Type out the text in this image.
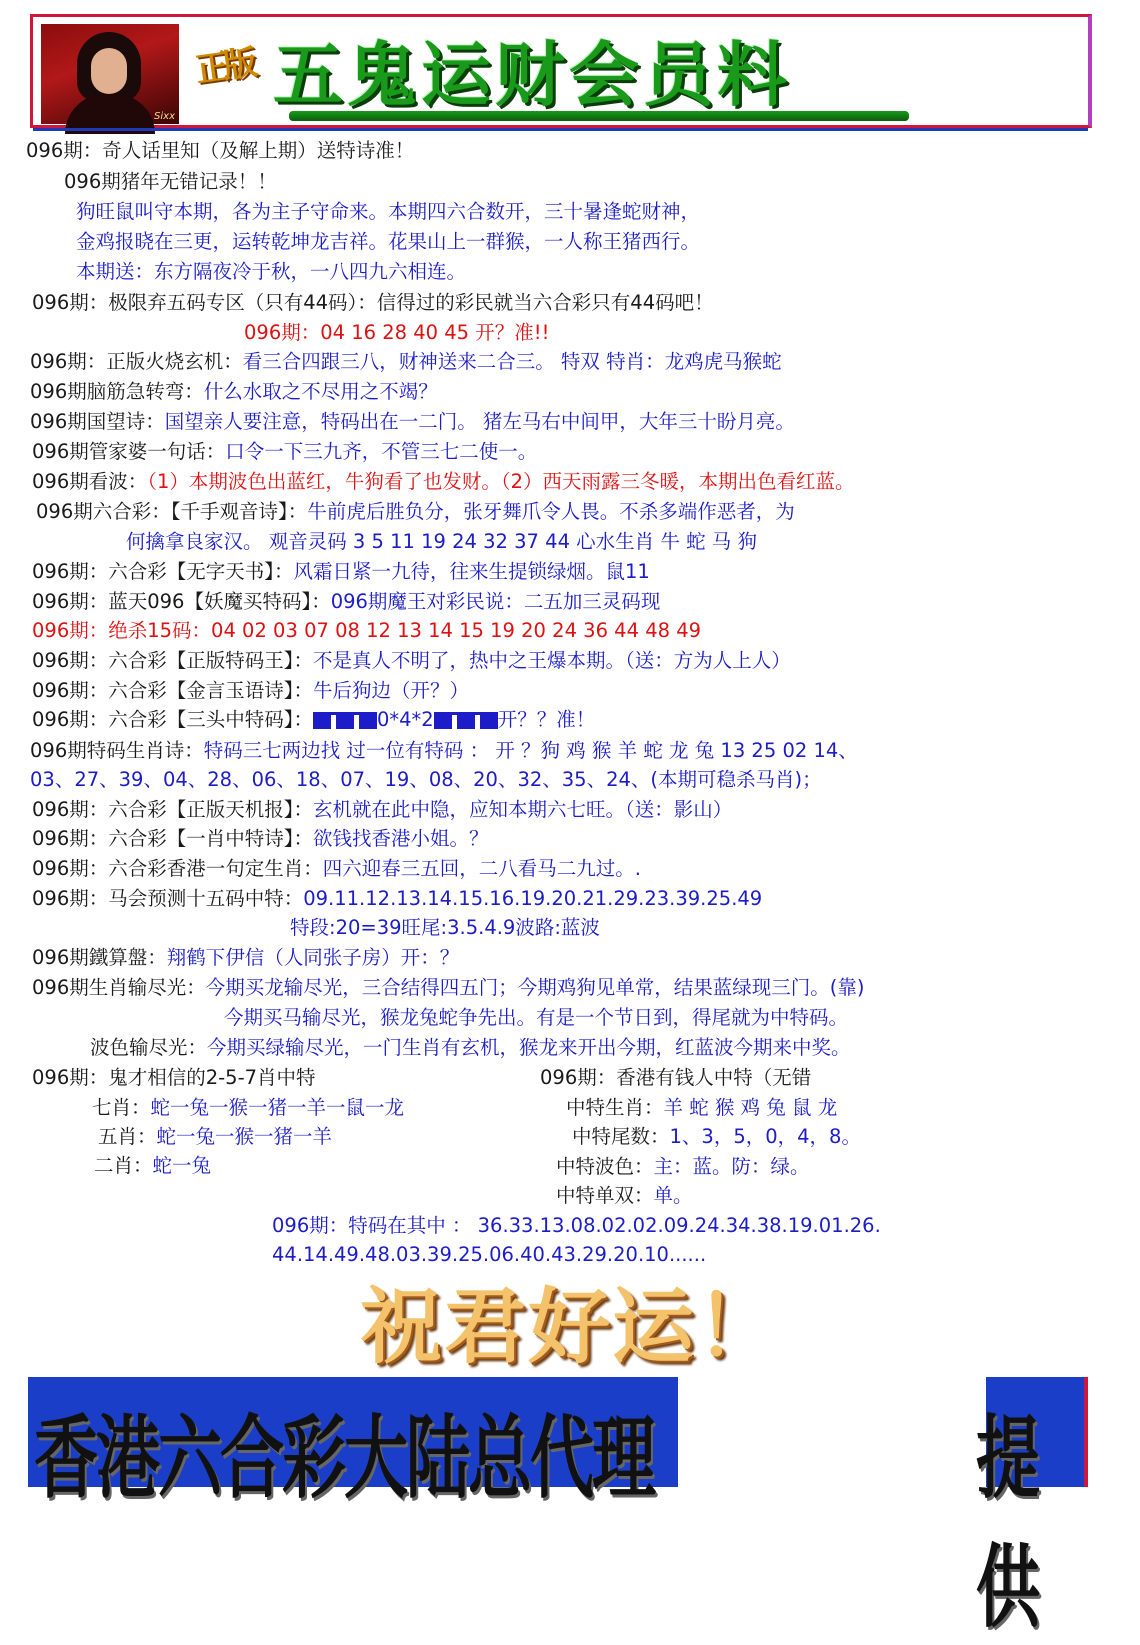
Sixx
正版 五鬼运财会员料
096期：奇人话里知（及解上期）送特诗准！
096期猪年无错记录！！
狗旺鼠叫守本期，各为主子守命来。本期四六合数开，三十暑逢蛇财神，
金鸡报晓在三更，运转乾坤龙吉祥。花果山上一群猴，一人称王猪西行。
本期送：东方隔夜冷于秋，一八四九六相连。
096期：极限弃五码专区（只有44码）：信得过的彩民就当六合彩只有44码吧！
096期：04 16 28 40 45 开？准!!
096期：正版火烧玄机：看三合四跟三八，财神送来二合三。 特双 特肖：龙鸡虎马猴蛇
096期脑筋急转弯：什么水取之不尽用之不竭？
096期国望诗：国望亲人要注意，特码出在一二门。 猪左马右中间甲，大年三十盼月亮。
096期管家婆一句话：口令一下三九齐，不管三七二使一。
096期看波：（1）本期波色出蓝红，牛狗看了也发财。（2）西天雨露三冬暖，本期出色看红蓝。
096期六合彩：【千手观音诗】：牛前虎后胜负分，张牙舞爪令人畏。不杀多端作恶者，为
何擒拿良家汉。 观音灵码 3 5 11 19 24 32 37 44 心水生肖 牛 蛇 马 狗
096期：六合彩【无字天书】：风霜日紧一九待，往来生提锁绿烟。鼠11
096期：蓝天096【妖魔买特码】：096期魔王对彩民说：二五加三灵码现
096期：绝杀15码：04 02 03 07 08 12 13 14 15 19 20 24 36 44 48 49
096期：六合彩【正版特码王】：不是真人不明了，热中之王爆本期。（送：方为人上人）
096期：六合彩【金言玉语诗】：牛后狗边（开？）
096期：六合彩【三头中特码】：	0*4*2	开？？准！
096期特码生肖诗：特码三七两边找 过一位有特码 ： 开 ？狗 鸡 猴 羊 蛇 龙 兔 13 25 02 14、
03、27、39、04、28、06、18、07、19、08、20、32、35、24、(本期可稳杀马肖)；
096期：六合彩【正版天机报】：玄机就在此中隐，应知本期六七旺。（送：影山）
096期：六合彩【一肖中特诗】：欲钱找香港小姐。？
096期：六合彩香港一句定生肖：四六迎春三五回，二八看马二九过。.
096期：马会预测十五码中特：09.11.12.13.14.15.16.19.20.21.29.23.39.25.49
特段:20=39旺尾:3.5.4.9波路:蓝波
096期鐵算盤：翔鹤下伊信（人同张子房）开：？
096期生肖输尽光：今期买龙输尽光，三合结得四五门；今期鸡狗见单常，结果蓝绿现三门。(靠)
今期买马输尽光，猴龙兔蛇争先出。有是一个节日到，得尾就为中特码。
波色输尽光：今期买绿输尽光，一门生肖有玄机，猴龙来开出今期，红蓝波今期来中奖。
096期：鬼才相信的2-5-7肖中特	096期：香港有钱人中特（无错
七肖：蛇一兔一猴一猪一羊一鼠一龙
五肖：蛇一兔一猴一猪一羊
二肖：蛇一兔
中特生肖：羊 蛇 猴 鸡 兔 鼠 龙
中特尾数：1、3，5，0，4，8。
中特波色：主：蓝。防：绿。
中特单双：单。
096期：特码在其中 ： 36.33.13.08.02.02.09.24.34.38.19.01.26.
44.14.49.48.03.39.25.06.40.43.29.20.10......
祝君好运！
香港六合彩大陆总代理	提供
